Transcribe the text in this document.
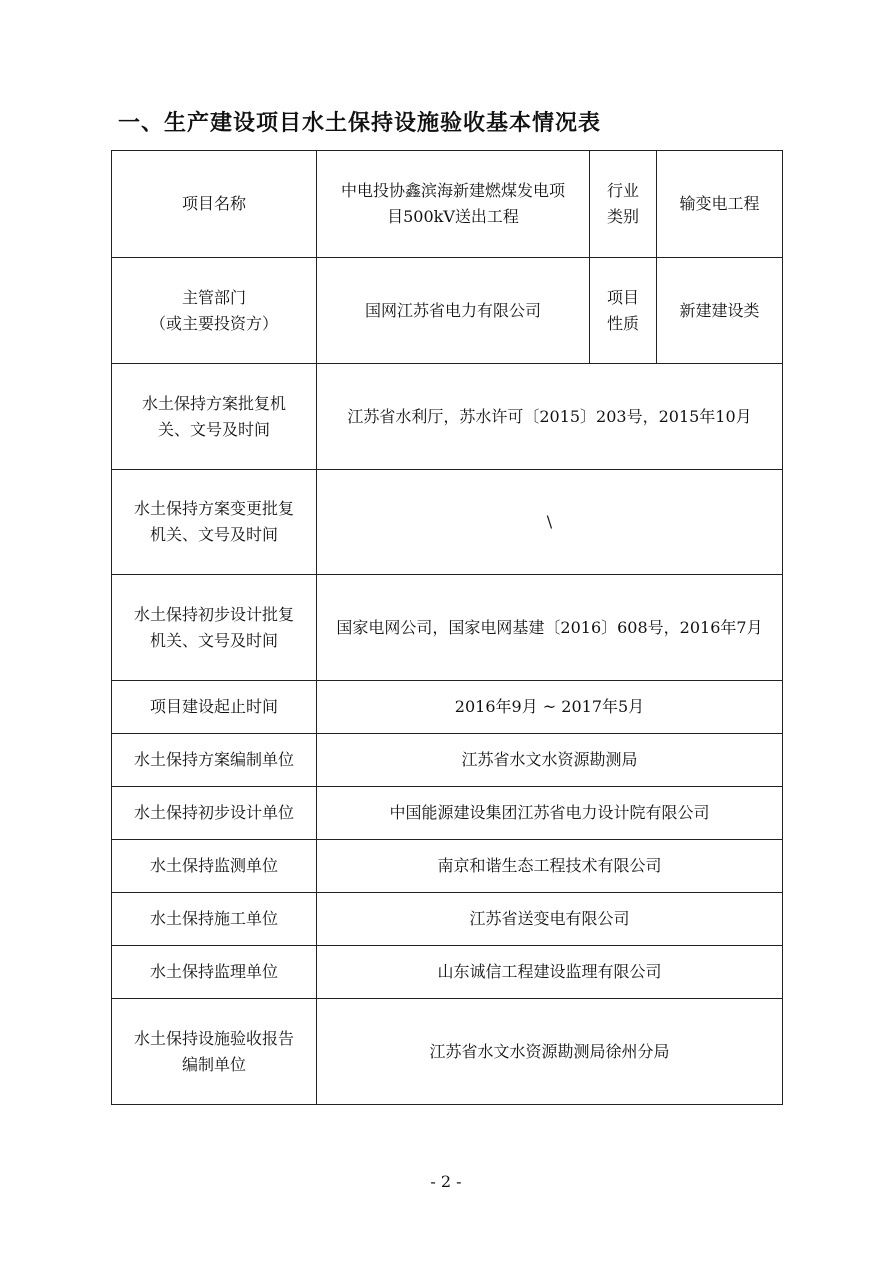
一、生产建设项目水土保持设施验收基本情况表
项目名称	中电投协鑫滨海新建燃煤发电项
目500kV送出工程	行业
类别	输变电工程
主管部门
（或主要投资方）	国网江苏省电力有限公司	项目
性质	新建建设类
水土保持方案批复机
关、文号及时间	江苏省水利厅，苏水许可〔2015〕203号，2015年10月		
水土保持方案变更批复
机关、文号及时间	\		
水土保持初步设计批复
机关、文号及时间	国家电网公司，国家电网基建〔2016〕608号，2016年7月		
项目建设起止时间	2016年9月 ~ 2017年5月		
水土保持方案编制单位	江苏省水文水资源勘测局		
水土保持初步设计单位	中国能源建设集团江苏省电力设计院有限公司		
水土保持监测单位	南京和谐生态工程技术有限公司		
水土保持施工单位	江苏省送变电有限公司		
水土保持监理单位	山东诚信工程建设监理有限公司		
水土保持设施验收报告
编制单位	江苏省水文水资源勘测局徐州分局		
- 2 -
